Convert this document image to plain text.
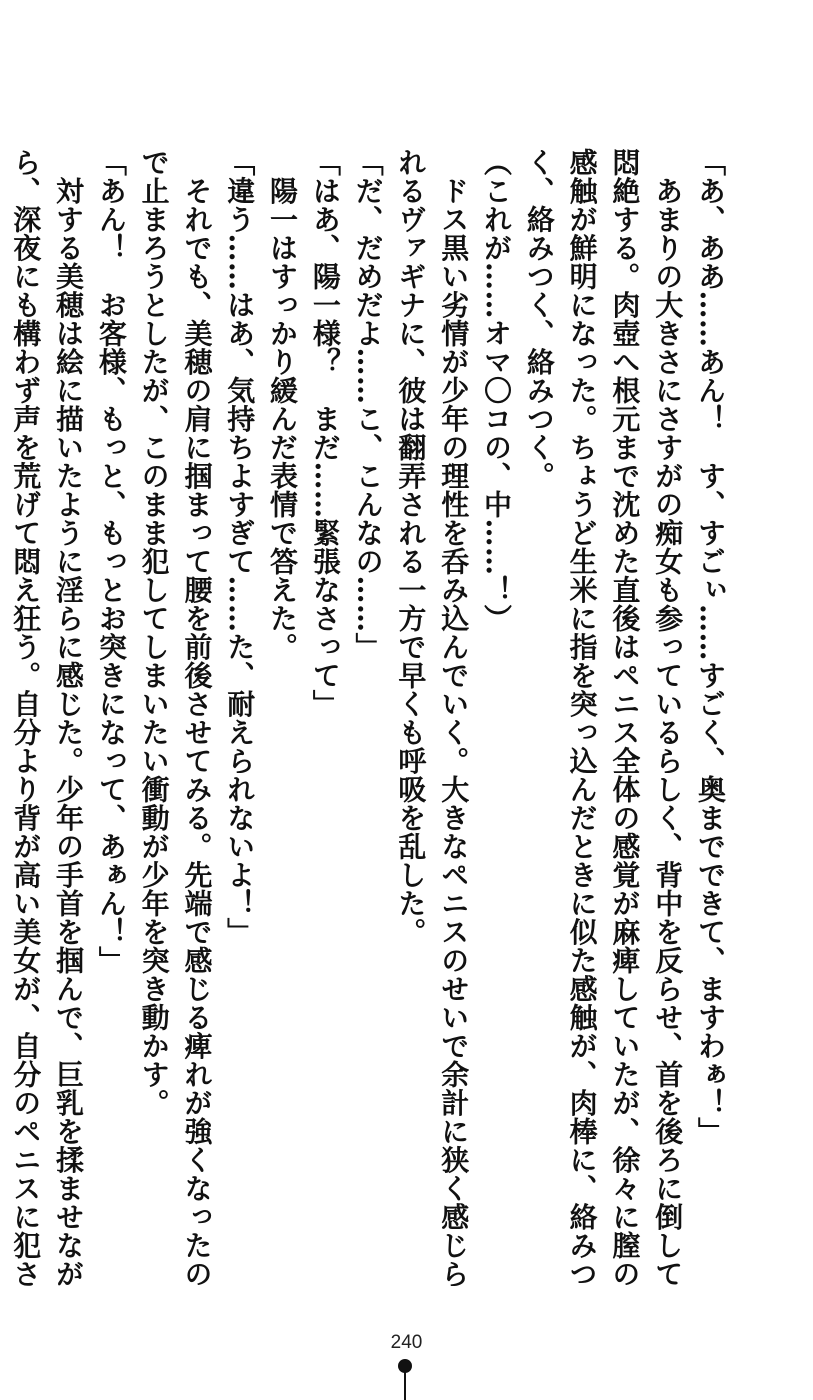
「あ、ああ……あん！　す、すごぃ……すごく、奥までできて、ますわぁ！」
　あまりの大きさにさすがの痴女も参っているらしく、背中を反らせ、首を後ろに倒して
悶絶する。肉壺へ根元まで沈めた直後はペニス全体の感覚が麻痺していたが、徐々に膣の
感触が鮮明になった。ちょうど生米に指を突っ込んだときに似た感触が、肉棒に、絡みつ
く、絡みつく、絡みつく。
（これが……オマ〇コの、中……！）
　ドス黒い劣情が少年の理性を呑み込んでいく。大きなペニスのせいで余計に狭く感じら
れるヴァギナに、彼は翻弄される一方で早くも呼吸を乱した。
「だ、だめだよ……こ、こんなの……」
「はあ、陽一様？　まだ……緊張なさって」
　陽一はすっかり緩んだ表情で答えた。
「違う……はあ、気持ちよすぎて……た、耐えられないよ！」
　それでも、美穂の肩に掴まって腰を前後させてみる。先端で感じる痺れが強くなったの
で止まろうとしたが、このまま犯してしまいたい衝動が少年を突き動かす。
「あん！　お客様、もっと、もっとお突きになって、あぁん！」
　対する美穂は絵に描いたように淫らに感じた。少年の手首を掴んで、巨乳を揉ませなが
ら、深夜にも構わず声を荒げて悶え狂う。自分より背が高い美女が、自分のペニスに犯さ
240
